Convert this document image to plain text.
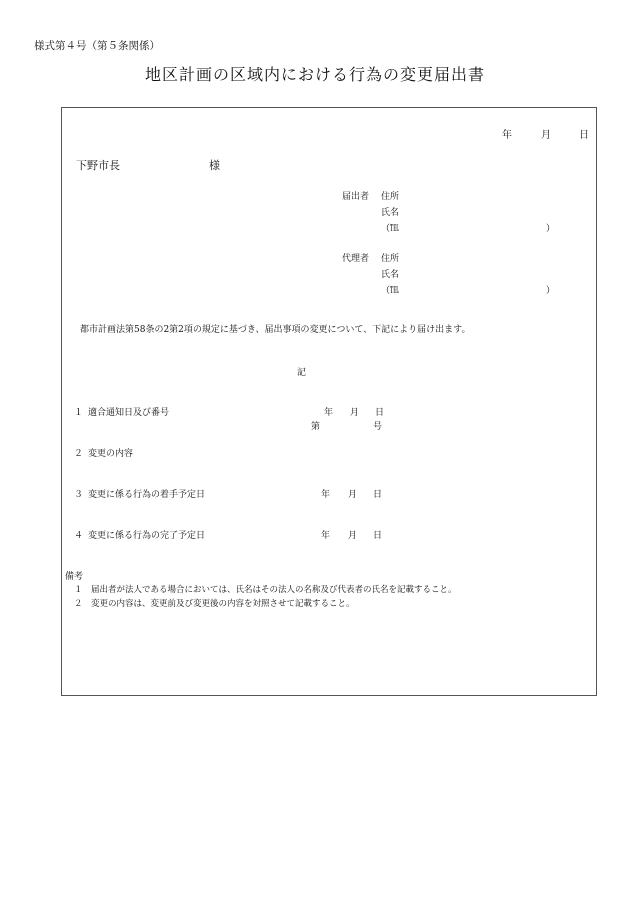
様式第４号（第５条関係）
地区計画の区域内における行為の変更届出書
年	月	日
下野市長	様
届出者 住所
氏名
（℡	）
代理者 住所
氏名
（℡	）
都市計画法第58条の2第2項の規定に基づき、届出事項の変更について、下記により届け出ます。
記
１ 適合通知日及び番号	年 月 日
第	号
２ 変更の内容
３ 変更に係る行為の着手予定日	年 月 日
４ 変更に係る行為の完了予定日	年 月 日
備考
１　届出者が法人である場合においては、氏名はその法人の名称及び代表者の氏名を記載すること。
２　変更の内容は、変更前及び変更後の内容を対照させて記載すること。
